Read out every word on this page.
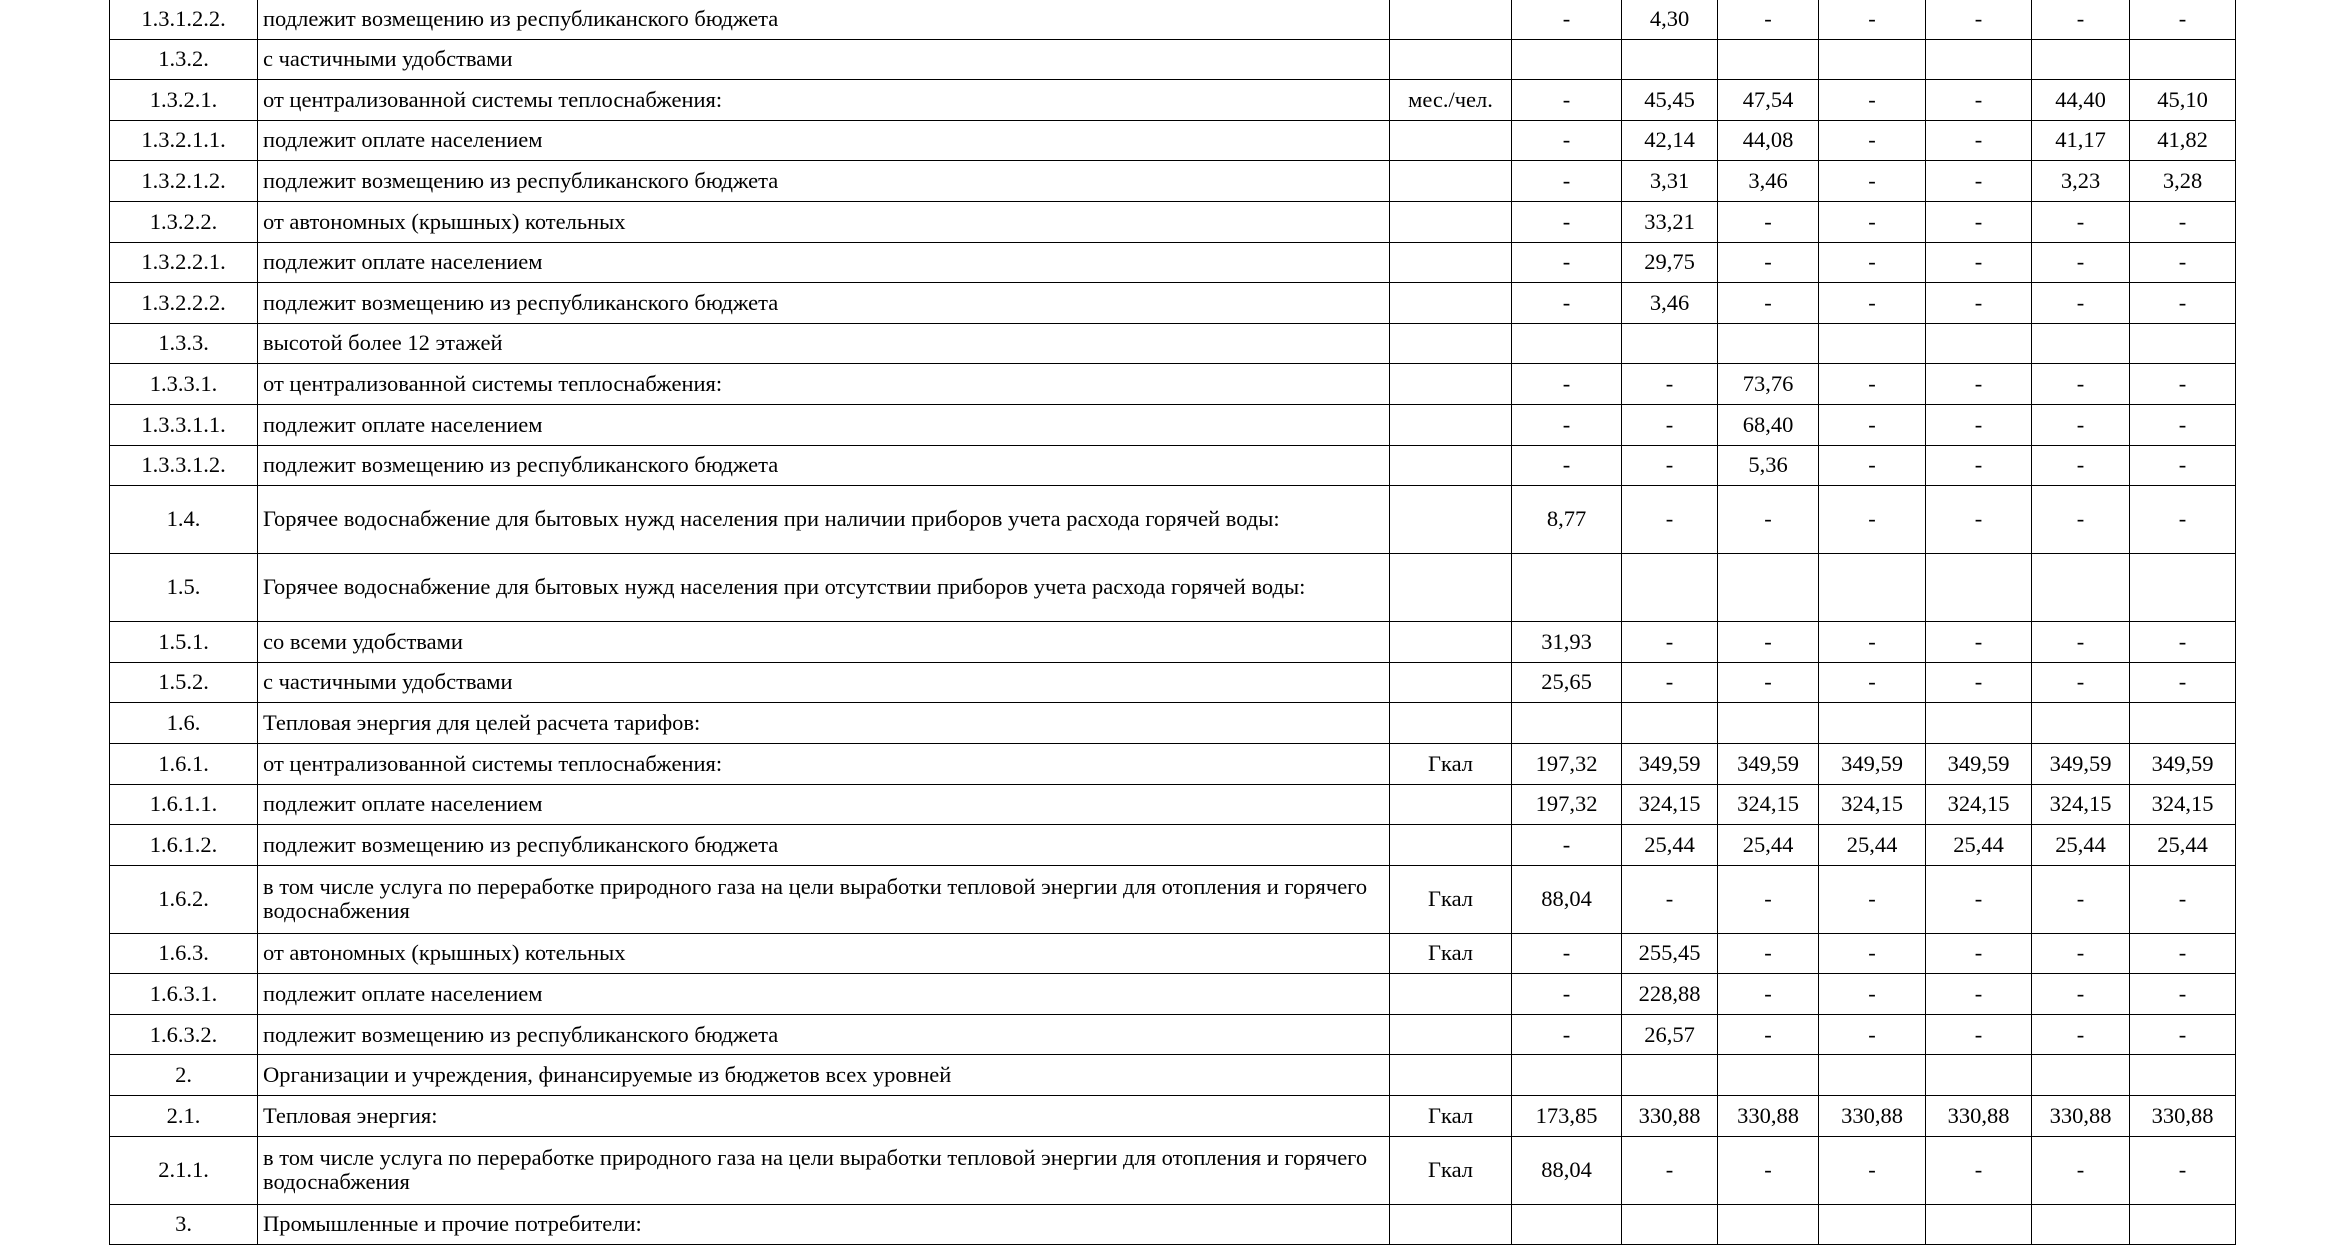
1.3.1.2.2.	подлежит возмещению из республиканского бюджета		-	4,30	-	-	-	-	-
1.3.2.	с частичными удобствами								
1.3.2.1.	от централизованной системы теплоснабжения:	мес./чел.	-	45,45	47,54	-	-	44,40	45,10
1.3.2.1.1.	подлежит оплате населением		-	42,14	44,08	-	-	41,17	41,82
1.3.2.1.2.	подлежит возмещению из республиканского бюджета		-	3,31	3,46	-	-	3,23	3,28
1.3.2.2.	от автономных (крышных) котельных		-	33,21	-	-	-	-	-
1.3.2.2.1.	подлежит оплате населением		-	29,75	-	-	-	-	-
1.3.2.2.2.	подлежит возмещению из республиканского бюджета		-	3,46	-	-	-	-	-
1.3.3.	высотой более 12 этажей								
1.3.3.1.	от централизованной системы теплоснабжения:		-	-	73,76	-	-	-	-
1.3.3.1.1.	подлежит оплате населением		-	-	68,40	-	-	-	-
1.3.3.1.2.	подлежит возмещению из республиканского бюджета		-	-	5,36	-	-	-	-
1.4.	Горячее водоснабжение для бытовых нужд населения при наличии приборов учета расхода горячей воды:		8,77	-	-	-	-	-	-
1.5.	Горячее водоснабжение для бытовых нужд населения при отсутствии приборов учета расхода горячей воды:								
1.5.1.	со всеми удобствами		31,93	-	-	-	-	-	-
1.5.2.	с частичными удобствами		25,65	-	-	-	-	-	-
1.6.	Тепловая энергия для целей расчета тарифов:								
1.6.1.	от централизованной системы теплоснабжения:	Гкал	197,32	349,59	349,59	349,59	349,59	349,59	349,59
1.6.1.1.	подлежит оплате населением		197,32	324,15	324,15	324,15	324,15	324,15	324,15
1.6.1.2.	подлежит возмещению из республиканского бюджета		-	25,44	25,44	25,44	25,44	25,44	25,44
1.6.2.	в том числе услуга по переработке природного газа на цели выработки тепловой энергии для отопления и горячего водоснабжения	Гкал	88,04	-	-	-	-	-	-
1.6.3.	от автономных (крышных) котельных	Гкал	-	255,45	-	-	-	-	-
1.6.3.1.	подлежит оплате населением		-	228,88	-	-	-	-	-
1.6.3.2.	подлежит возмещению из республиканского бюджета		-	26,57	-	-	-	-	-
2.	Организации и учреждения, финансируемые из бюджетов всех уровней								
2.1.	Тепловая энергия:	Гкал	173,85	330,88	330,88	330,88	330,88	330,88	330,88
2.1.1.	в том числе услуга по переработке природного газа на цели выработки тепловой энергии для отопления и горячего водоснабжения	Гкал	88,04	-	-	-	-	-	-
3.	Промышленные и прочие потребители:								
